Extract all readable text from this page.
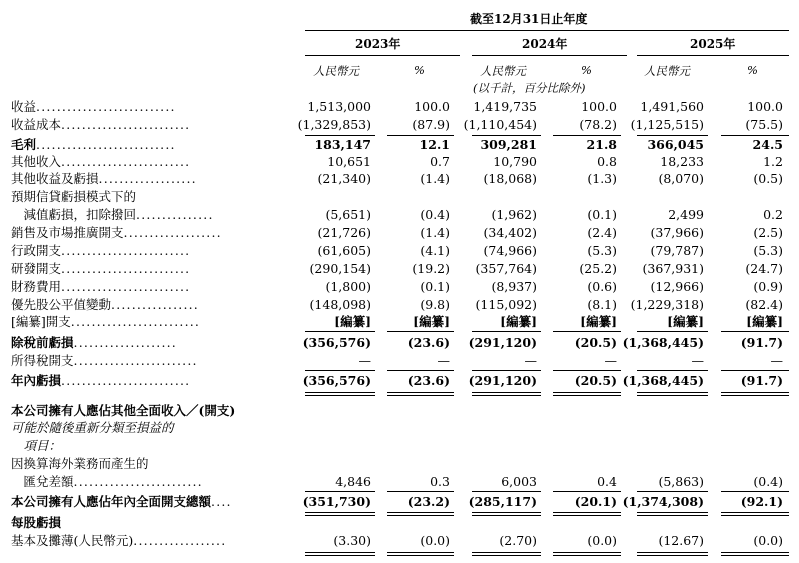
截至12月31日止年度
2023年	2024年	2025年
人民幣元	%	人民幣元	%	人民幣元	%
(以千計，百分比除外)
收益...........................	1,513,000	100.0 1,419,735	100.0 1,491,560	100.0
收益成本.........................	(1,329,853)	(87.9) (1,110,454)	(78.2) (1,125,515)	(75.5)
毛利...........................	183,147	12.1 309,281	21.8 366,045	24.5
其他收入.........................	10,651	0.7	10,790	0.8	18,233	1.2
其他收益及虧損...................	(21,340)	(1.4)	(18,068)	(1.3)	(8,070)	(0.5)
預期信貸虧損模式下的
　減值虧損，扣除撥回...............	(5,651)	(0.4)	(1,962)	(0.1)	2,499	0.2
銷售及市場推廣開支...................	(21,726)	(1.4)	(34,402)	(2.4)	(37,966)	(2.5)
行政開支.........................	(61,605)	(4.1)	(74,966)	(5.3)	(79,787)	(5.3)
研發開支.........................	(290,154)	(19.2) (357,764)	(25.2) (367,931)	(24.7)
財務費用.........................	(1,800)	(0.1)	(8,937)	(0.6)	(12,966)	(0.9)
優先股公平值變動.................	(148,098)	(9.8) (115,092)	(8.1) (1,229,318)	(82.4)
[編纂]開支.........................	[編纂]	[編纂]	[編纂]	[編纂]	[編纂]	[編纂]
除稅前虧損....................	(356,576)	(23.6) (291,120)	(20.5) (1,368,445)	(91.7)
所得稅開支........................	—	—	—	—	—	—
年內虧損.........................	(356,576)	(23.6) (291,120)	(20.5) (1,368,445)	(91.7)
本公司擁有人應佔其他全面收入／(開支)
可能於隨後重新分類至損益的
　項目：
因換算海外業務而產生的
　匯兌差額.........................	4,846	0.3	6,003	0.4	(5,863)	(0.4)
本公司擁有人應佔年內全面開支總額....	(351,730)	(23.2) (285,117)	(20.1) (1,374,308)	(92.1)
每股虧損
基本及攤薄(人民幣元)..................	(3.30)	(0.0)	(2.70)	(0.0)	(12.67)	(0.0)
